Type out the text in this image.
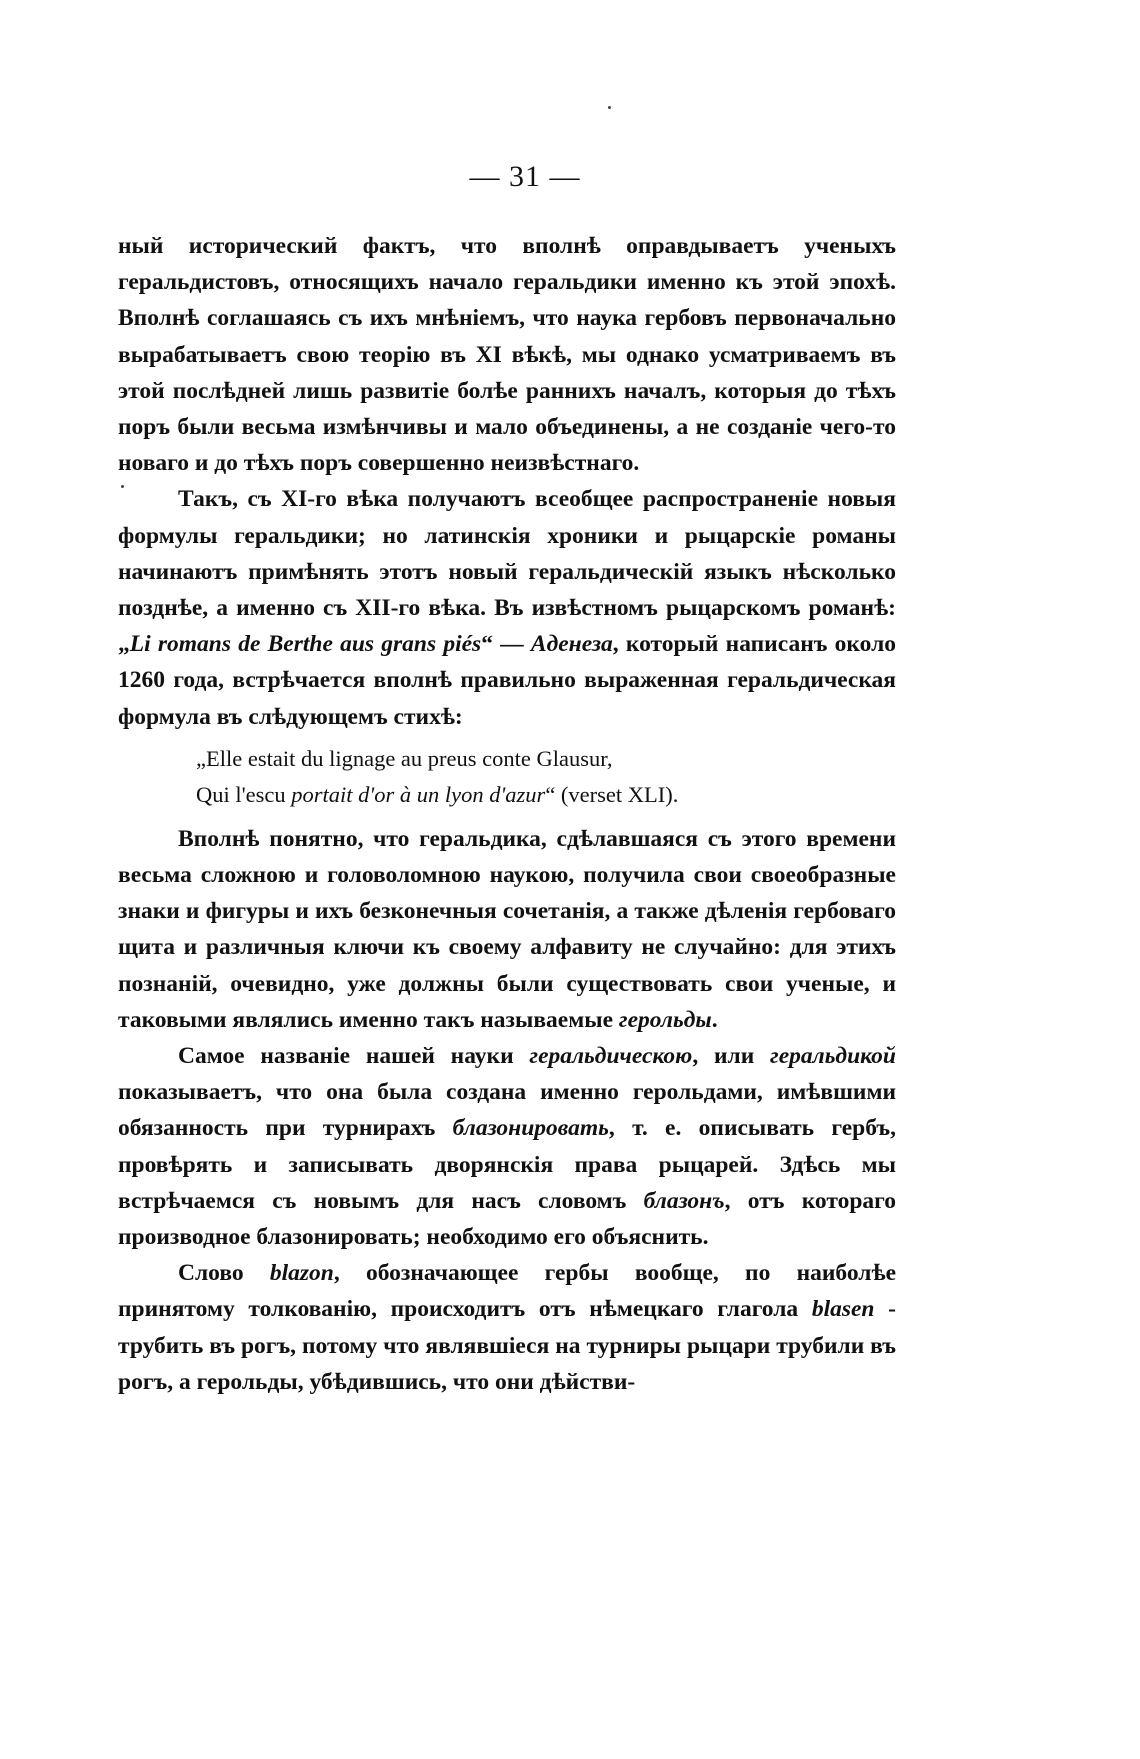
— 31 —

ный исторический фактъ, что вполнѣ оправдываетъ ученыхъ геральдистовъ, относящихъ начало геральдики именно къ этой эпохѣ. Вполнѣ соглашаясь съ ихъ мнѣніемъ, что наука гербовъ первоначально вырабатываетъ свою теорію въ XI вѣкѣ, мы однако усматриваемъ въ этой послѣдней лишь развитіе болѣе раннихъ началъ, которыя до тѣхъ поръ были весьма измѣнчивы и мало объединены, а не созданіе чего-то новаго и до тѣхъ поръ совершенно неизвѣстнаго.

Такъ, съ XI-го вѣка получаютъ всеобщее распространеніе новыя формулы геральдики; но латинскія хроники и рыцарскіе романы начинаютъ примѣнять этотъ новый геральдическій языкъ нѣсколько позднѣе, а именно съ XII-го вѣка. Въ извѣстномъ рыцарскомъ романѣ: „Li romans de Berthe aus grans piés“ — Аденеза, который написанъ около 1260 года, встрѣчается вполнѣ правильно выраженная геральдическая формула въ слѣдующемъ стихѣ:

„Elle estait du lignage au preus conte Glausur,
Qui l'escu portait d'or à un lyon d'azur“ (verset XLI).

Вполнѣ понятно, что геральдика, сдѣлавшаяся съ этого времени весьма сложною и головоломною наукою, получила свои своеобразные знаки и фигуры и ихъ безконечныя сочетанія, а также дѣленія гербоваго щита и различныя ключи къ своему алфавиту не случайно: для этихъ познаній, очевидно, уже должны были существовать свои ученые, и таковыми являлись именно такъ называемые герольды.

Самое названіе нашей науки геральдическою, или геральдикой показываетъ, что она была создана именно герольдами, имѣвшими обязанность при турнирахъ блазонировать, т. е. описывать гербъ, провѣрять и записывать дворянскія права рыцарей. Здѣсь мы встрѣчаемся съ новымъ для насъ словомъ блазонъ, отъ котораго производное блазонировать; необходимо его объяснить.

Слово blazon, обозначающее гербы вообще, по наиболѣе принятому толкованію, происходитъ отъ нѣмецкаго глагола blasen - трубить въ рогъ, потому что являвшіеся на турниры рыцари трубили въ рогъ, а герольды, убѣдившись, что они дѣйстви-
